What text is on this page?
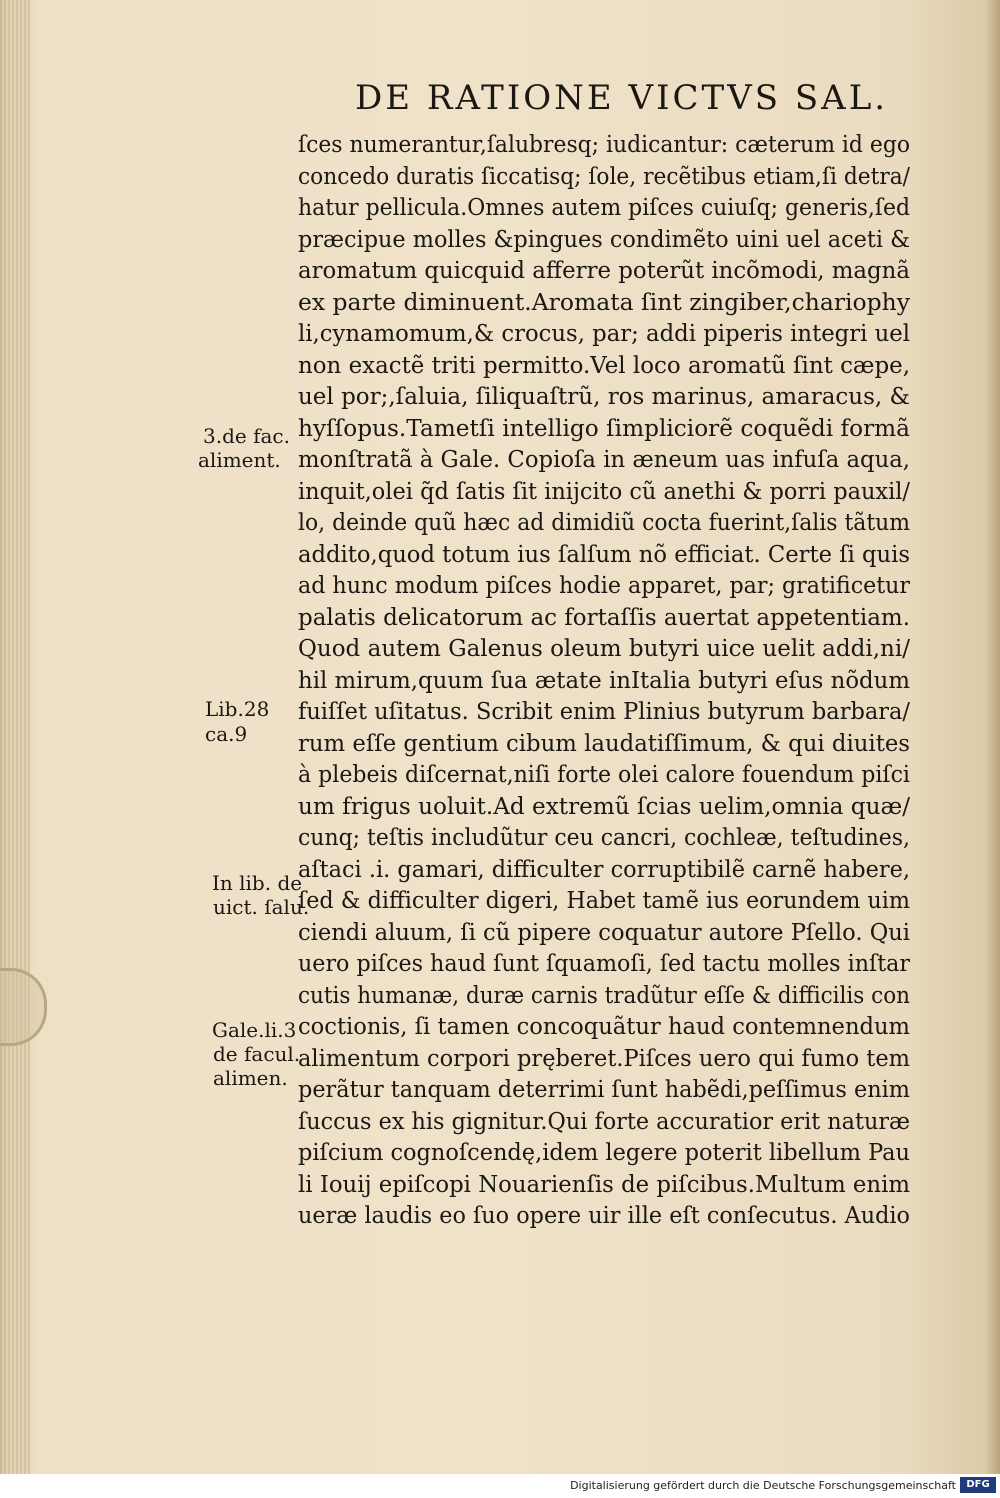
DE RATIONE VICTVS SAL.
ſces numerantur,ſalubresq; iudicantur: cæterum id ego
concedo duratis ſiccatisq; ſole, recẽtibus etiam,ſi detra/
hatur pellicula.Omnes autem piſces cuiuſq; generis,ſed
præcipue molles &pingues condimẽto uini uel aceti &
aromatum quicquid afferre poterũt incõmodi, magnã
ex parte diminuent.Aromata ſint zingiber,chariophy
li,cynamomum,& crocus, par; addi piperis integri uel
non exactẽ triti permitto.Vel loco aromatũ ſint cæpe,
uel por;,ſaluia, ſiliquaſtrũ, ros marinus, amaracus, &
hyſſopus.Tametſi intelligo ſimpliciorẽ coquẽdi formã
monſtratã à Gale. Copioſa in æneum uas infuſa aqua,
inquit,olei q̃d ſatis ſit inijcito cũ anethi & porri pauxil/
lo, deinde quũ hæc ad dimidiũ cocta fuerint,ſalis tãtum
addito,quod totum ius ſalſum nõ efficiat. Certe ſi quis
ad hunc modum piſces hodie apparet, par; gratificetur
palatis delicatorum ac fortaſſis auertat appetentiam.
Quod autem Galenus oleum butyri uice uelit addi,ni/
hil mirum,quum ſua ætate inItalia butyri eſus nõdum
fuiſſet uſitatus. Scribit enim Plinius butyrum barbara/
rum eſſe gentium cibum laudatiſſimum, & qui diuites
à plebeis diſcernat,niſi forte olei calore fouendum piſci
um frigus uoluit.Ad extremũ ſcias uelim,omnia quæ/
cunq; teſtis includũtur ceu cancri, cochleæ, teſtudines,
aſtaci .i. gamari, difficulter corruptibilẽ carnẽ habere,
ſed & difficulter digeri, Habet tamẽ ius eorundem uim
ciendi aluum, ſi cũ pipere coquatur autore Pſello. Qui
uero piſces haud ſunt ſquamoſi, ſed tactu molles inſtar
cutis humanæ, duræ carnis tradũtur eſſe & difficilis con
coctionis, ſi tamen concoquãtur haud contemnendum
alimentum corpori pręberet.Piſces uero qui fumo tem
perãtur tanquam deterrimi ſunt habẽdi,peſſimus enim
ſuccus ex his gignitur.Qui forte accuratior erit naturæ
piſcium cognoſcendę,idem legere poterit libellum Pau
li Iouij epiſcopi Nouarienſis de piſcibus.Multum enim
ueræ laudis eo ſuo opere uir ille eſt conſecutus. Audio
3.de fac.
aliment.
Lib.28
ca.9
In lib. de
uict. ſalu.
Gale.li.3
de facul.
alimen.
Digitalisierung gefördert durch die Deutsche Forschungsgemeinschaft	DFG
